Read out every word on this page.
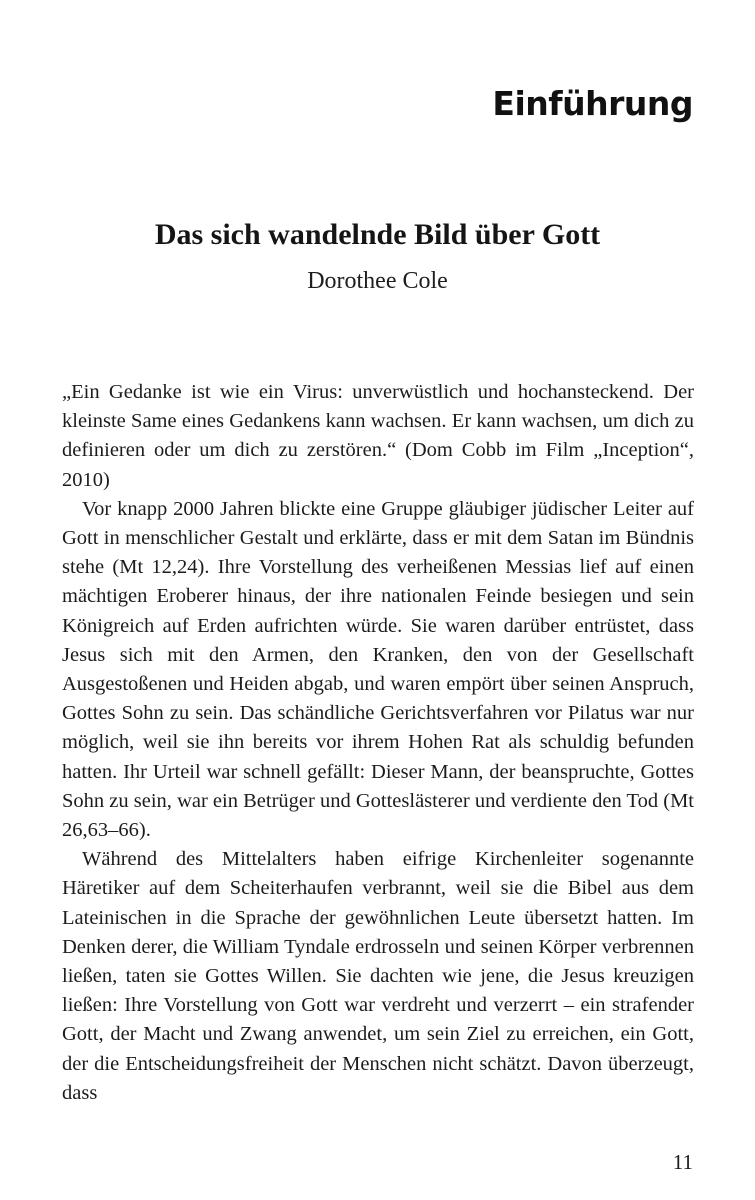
Einführung
Das sich wandelnde Bild über Gott

Dorothee Cole

„Ein Gedanke ist wie ein Virus: unverwüstlich und hochansteckend. Der kleinste Same eines Gedankens kann wachsen. Er kann wachsen, um dich zu definieren oder um dich zu zerstören.“ (Dom Cobb im Film „Inception“, 2010)

Vor knapp 2000 Jahren blickte eine Gruppe gläubiger jüdischer Leiter auf Gott in menschlicher Gestalt und erklärte, dass er mit dem Satan im Bündnis stehe (Mt 12,24). Ihre Vorstellung des verheißenen Messias lief auf einen mächtigen Eroberer hinaus, der ihre nationalen Feinde besiegen und sein Königreich auf Erden aufrichten würde. Sie waren darüber entrüstet, dass Jesus sich mit den Armen, den Kranken, den von der Gesellschaft Ausgestoßenen und Heiden abgab, und waren empört über seinen Anspruch, Gottes Sohn zu sein. Das schändliche Gerichtsverfahren vor Pilatus war nur möglich, weil sie ihn bereits vor ihrem Hohen Rat als schuldig befunden hatten. Ihr Urteil war schnell gefällt: Dieser Mann, der beanspruchte, Gottes Sohn zu sein, war ein Betrüger und Gotteslästerer und verdiente den Tod (Mt 26,63–66).

Während des Mittelalters haben eifrige Kirchenleiter sogenannte Häretiker auf dem Scheiterhaufen verbrannt, weil sie die Bibel aus dem Lateinischen in die Sprache der gewöhnlichen Leute übersetzt hatten. Im Denken derer, die William Tyndale erdrosseln und seinen Körper verbrennen ließen, taten sie Gottes Willen. Sie dachten wie jene, die Jesus kreuzigen ließen: Ihre Vorstellung von Gott war verdreht und verzerrt – ein strafender Gott, der Macht und Zwang anwendet, um sein Ziel zu erreichen, ein Gott, der die Entscheidungsfreiheit der Menschen nicht schätzt. Davon überzeugt, dass

11
